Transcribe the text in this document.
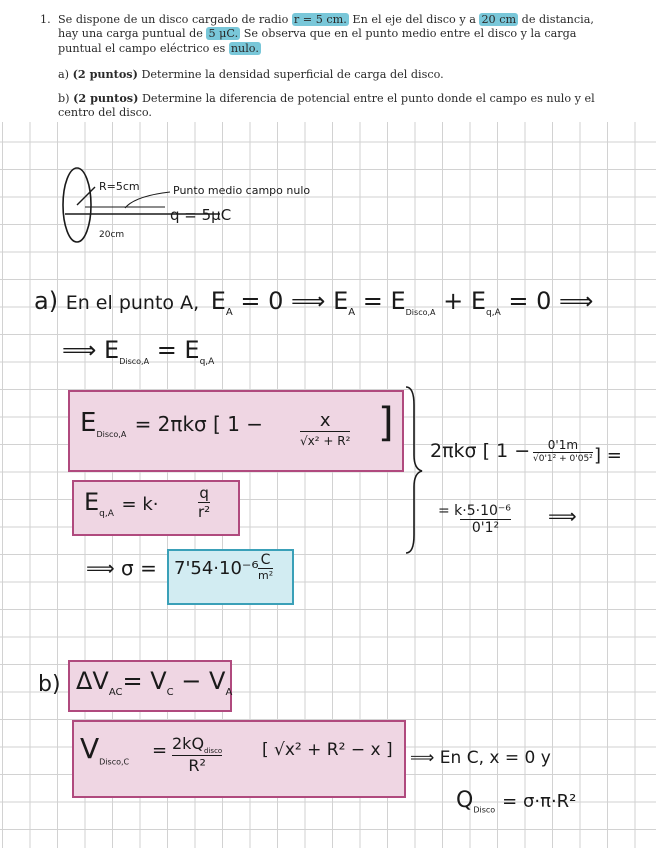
1. Se dispone de un disco cargado de radio r = 5 cm. En el eje del disco y a 20 cm de distancia, hay una carga puntual de 5 μC. Se observa que en el punto medio entre el disco y la carga puntual el campo eléctrico es nulo.
a) (2 puntos) Determine la densidad superficial de carga del disco.
b) (2 puntos) Determine la diferencia de potencial entre el punto donde el campo es nulo y el centro del disco.
R=5cm	Punto medio campo nulo
q = 5μC
20cm
a) En el punto A, $E_A = 0$ ⟹ $E_A = E_{Disco,A} + E_{q,A} = 0$ ⟹
⟹ $E_{Disco,A} = E_{q,A}$
$E_{Disco,A} = 2\pi k\sigma$ [ 1 −	x
√x² + R² ]
$E_{q,A} = k\cdot$
q
r²
2πkσ [ 1 −	0'1m
√0'1² + 0'05² ] =
= k·5·10⁻⁶
0'1²	⟹
⟹ σ = 7'54·10⁻⁶ C
m²
b) $\Delta V_{AC}= V_C - V_A$
$V_{Disco,C}$
= $2kQ_{disco}$
R²
[ √x² + R² − x ] ⟹ En C, x = 0 y
$Q_{Disco} = \sigma\cdot\pi\cdot R^2$
